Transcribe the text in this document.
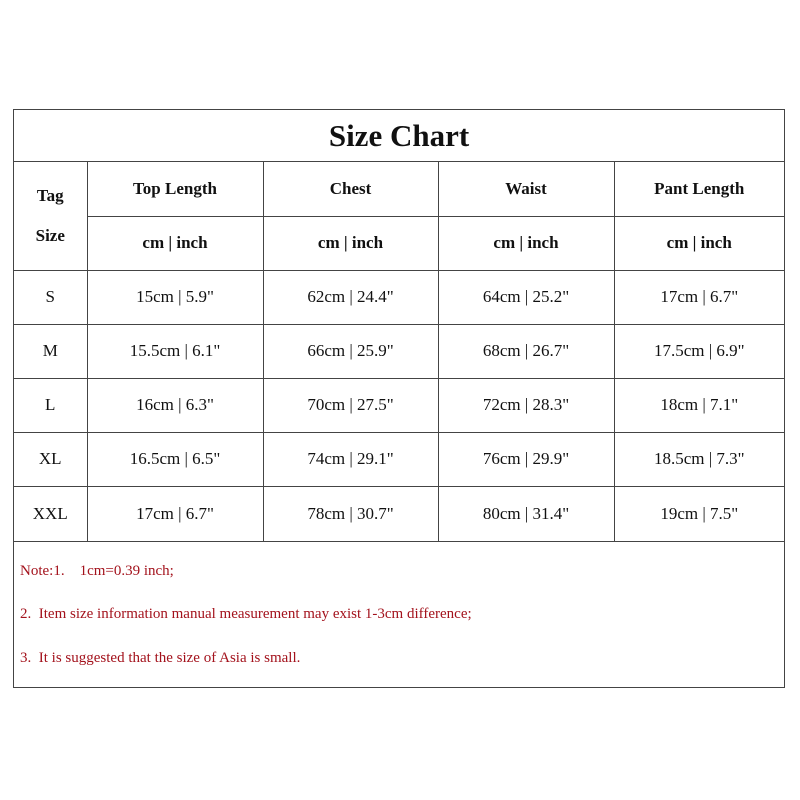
Size Chart
Tag
Size	Top Length	Chest	Waist	Pant Length
	cm | inch	cm | inch	cm | inch	cm | inch
S	15cm | 5.9"	62cm | 24.4"	64cm | 25.2"	17cm | 6.7"
M	15.5cm | 6.1"	66cm | 25.9"	68cm | 26.7"	17.5cm | 6.9"
L	16cm | 6.3"	70cm | 27.5"	72cm | 28.3"	18cm | 7.1"
XL	16.5cm | 6.5"	74cm | 29.1"	76cm | 29.9"	18.5cm | 7.3"
XXL	17cm | 6.7"	78cm | 30.7"	80cm | 31.4"	19cm | 7.5"
Note:1.    1cm=0.39 inch;
2.  Item size information manual measurement may exist 1-3cm difference;
3.  It is suggested that the size of Asia is small.
